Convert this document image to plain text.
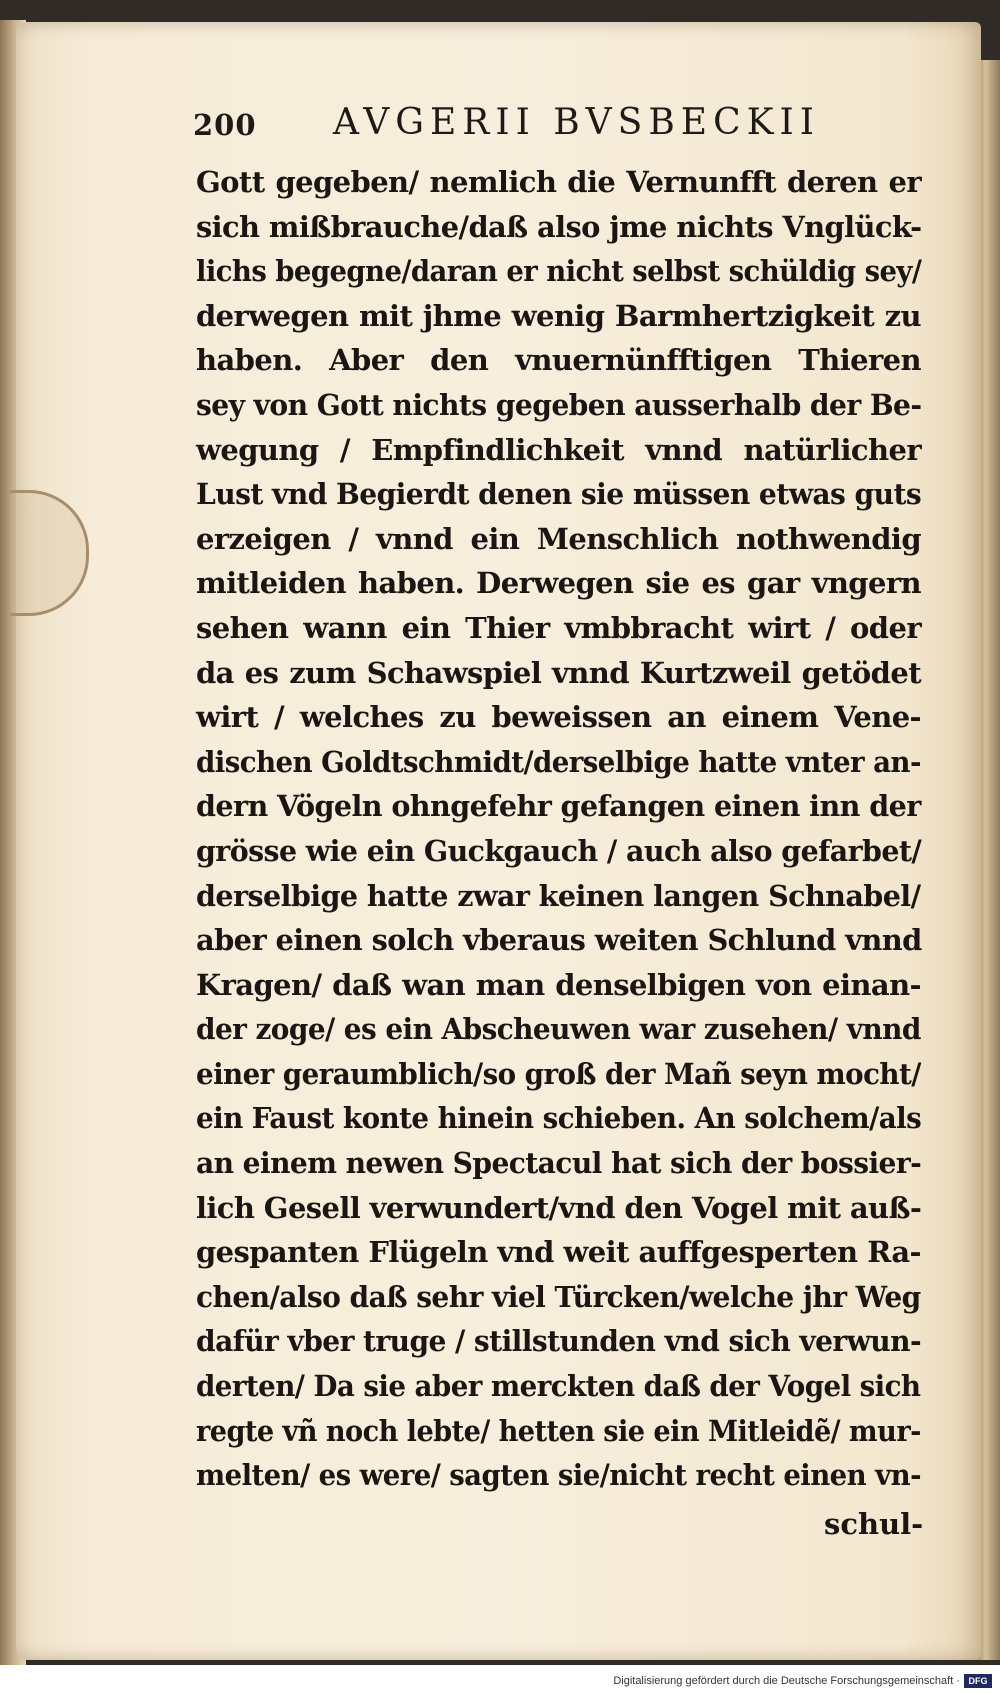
200 AVGERII BVSBECKII
Gott gegeben/ nemlich die Vernunfft deren er
sich mißbrauche/daß also jme nichts Vnglück-
lichs begegne/daran er nicht selbst schüldig sey/
derwegen mit jhme wenig Barmhertzigkeit zu
haben. Aber den vnuernünfftigen Thieren
sey von Gott nichts gegeben ausserhalb der Be-
wegung / Empfindlichkeit vnnd natürlicher
Lust vnd Begierdt denen sie müssen etwas guts
erzeigen / vnnd ein Menschlich nothwendig
mitleiden haben. Derwegen sie es gar vngern
sehen wann ein Thier vmbbracht wirt / oder
da es zum Schawspiel vnnd Kurtzweil getödet
wirt / welches zu beweissen an einem Vene-
dischen Goldtschmidt/derselbige hatte vnter an-
dern Vögeln ohngefehr gefangen einen inn der
grösse wie ein Guckgauch / auch also gefarbet/
derselbige hatte zwar keinen langen Schnabel/
aber einen solch vberaus weiten Schlund vnnd
Kragen/ daß wan man denselbigen von einan-
der zoge/ es ein Abscheuwen war zusehen/ vnnd
einer geraumblich/so groß der Mañ seyn mocht/
ein Faust konte hinein schieben. An solchem/als
an einem newen Spectacul hat sich der bossier-
lich Gesell verwundert/vnd den Vogel mit auß-
gespanten Flügeln vnd weit auffgesperten Ra-
chen/also daß sehr viel Türcken/welche jhr Weg
dafür vber truge / stillstunden vnd sich verwun-
derten/ Da sie aber merckten daß der Vogel sich
regte vñ noch lebte/ hetten sie ein Mitleidẽ/ mur-
melten/ es were/ sagten sie/nicht recht einen vn-
schul-
Digitalisierung gefördert durch die Deutsche Forschungsgemeinschaft · DFG
